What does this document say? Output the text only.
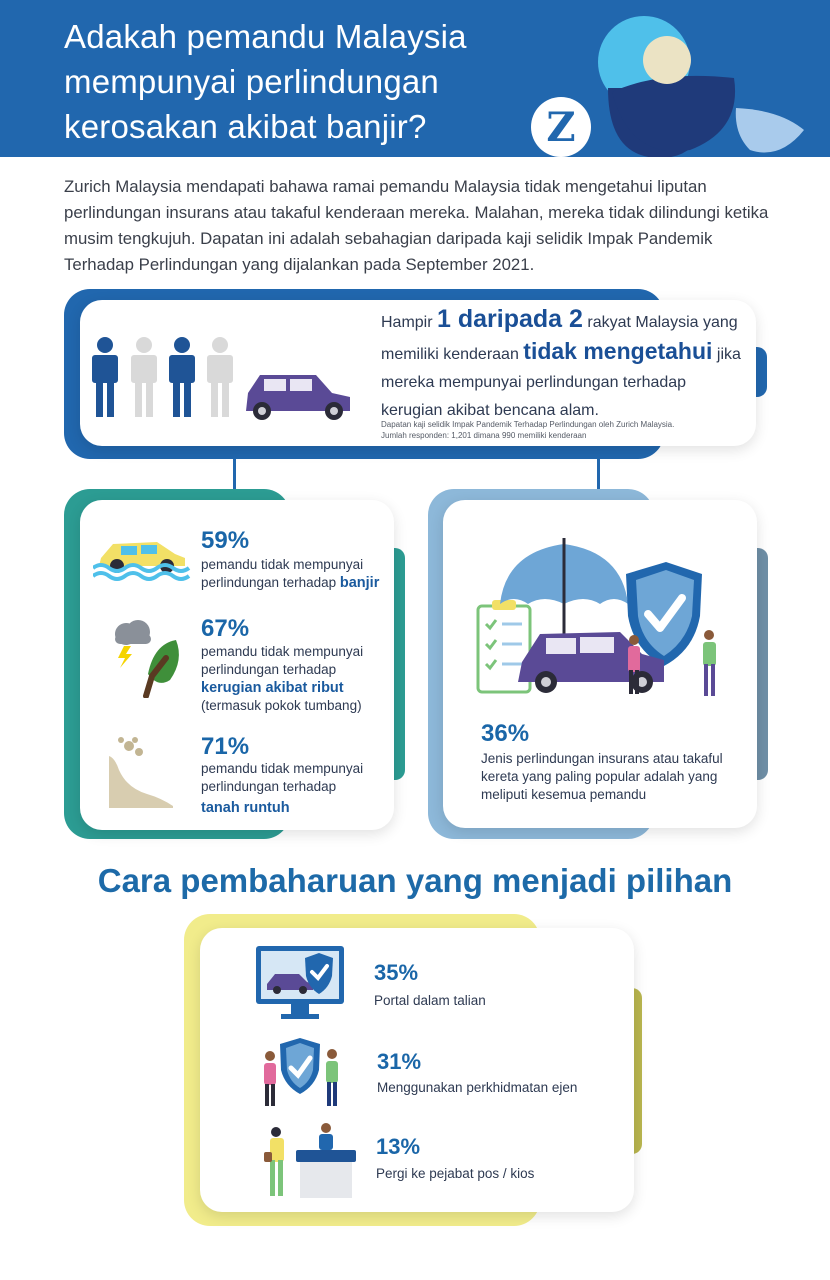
Adakah pemandu Malaysia
mempunyai perlindungan
kerosakan akibat banjir?	Z
Zurich Malaysia mendapati bahawa ramai pemandu Malaysia tidak mengetahui liputan perlindungan insurans atau takaful kenderaan mereka. Malahan, mereka tidak dilindungi ketika musim tengkujuh. Dapatan ini adalah sebahagian daripada kaji selidik Impak Pandemik Terhadap Perlindungan yang dijalankan pada September 2021.
Hampir 1 daripada 2 rakyat Malaysia yang memiliki kenderaan tidak mengetahui jika mereka mempunyai perlindungan terhadap kerugian akibat bencana alam.
Dapatan kaji selidik Impak Pandemik Terhadap Perlindungan oleh Zurich Malaysia.
Jumlah responden: 1,201 dimana 990 memiliki kenderaan
59%
pemandu tidak mempunyai
perlindungan terhadap banjir
67%
pemandu tidak mempunyai
perlindungan terhadap
kerugian akibat ribut
(termasuk pokok tumbang)
71%
pemandu tidak mempunyai
perlindungan terhadap
tanah runtuh
36%
Jenis perlindungan insurans atau takaful kereta yang paling popular adalah yang meliputi kesemua pemandu
Cara pembaharuan yang menjadi pilihan
35%
Portal dalam talian
31%
Menggunakan perkhidmatan ejen
13%
Pergi ke pejabat pos / kios
